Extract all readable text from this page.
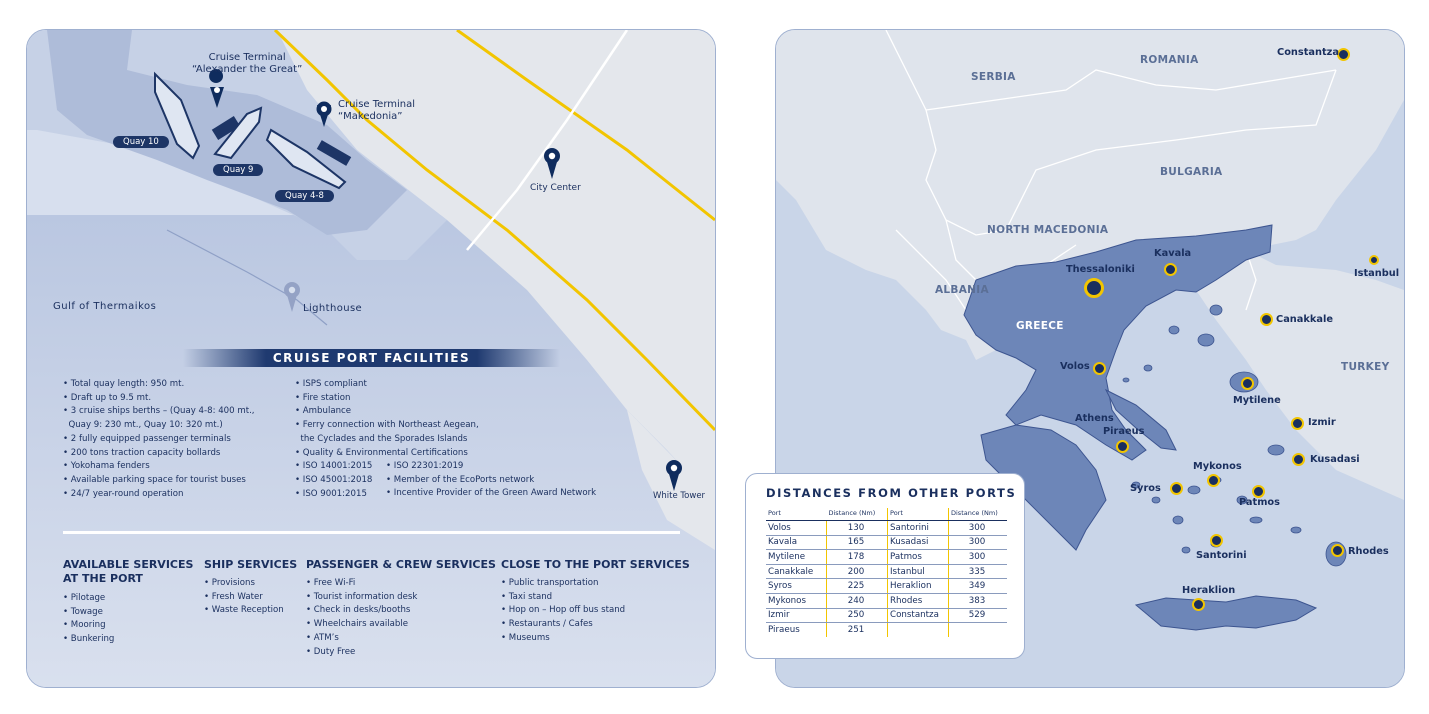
Cruise Terminal
“Alexander the Great”
Cruise Terminal
“Makedonia”
Quay 10
Quay 9
Quay 4-8
City Center
Gulf of Thermaikos	Lighthouse
White Tower
CRUISE PORT FACILITIES
• Total quay length: 950 mt.
• Draft up to 9.5 mt.
• 3 cruise ships berths – (Quay 4-8: 400 mt.,
Quay 9: 230 mt., Quay 10: 320 mt.)
• 2 fully equipped passenger terminals
• 200 tons traction capacity bollards
• Yokohama fenders
• Available parking space for tourist buses
• 24/7 year-round operation
• ISPS compliant
• Fire station
• Ambulance
• Ferry connection with Northeast Aegean,
the Cyclades and the Sporades Islands
• Quality & Environmental Certifications
• ISO 14001:2015
• ISO 45001:2018
• ISO 9001:2015
• ISO 22301:2019
• Member of the EcoPorts network
• Incentive Provider of the Green Award Network
AVAILABLE SERVICES
AT THE PORT
• Pilotage
• Towage
• Mooring
• Bunkering
SHIP SERVICES
• Provisions
• Fresh Water
• Waste Reception
PASSENGER & CREW SERVICES
• Free Wi-Fi
• Tourist information desk
• Check in desks/booths
• Wheelchairs available
• ATM’s
• Duty Free
CLOSE TO THE PORT SERVICES
• Public transportation
• Taxi stand
• Hop on – Hop off bus stand
• Restaurants / Cafes
• Museums
SERBIA
ROMANIA
BULGARIA
NORTH MACEDONIA
ALBANIA
GREECE
TURKEY
Constantza
Istanbul
Thessaloniki
Kavala
Canakkale
Volos
Mytilene
Izmir
Athens
Piraeus
Kusadasi
Mykonos
Syros
Patmos
Santorini	Rhodes
Heraklion
DISTANCES FROM OTHER PORTS
Port	Distance (Nm)	Port	Distance (Nm)
Volos	130	Santorini	300
Kavala	165	Kusadasi	300
Mytilene	178	Patmos	300
Canakkale	200	Istanbul	335
Syros	225	Heraklion	349
Mykonos	240	Rhodes	383
Izmir	250	Constantza	529
Piraeus	251		
